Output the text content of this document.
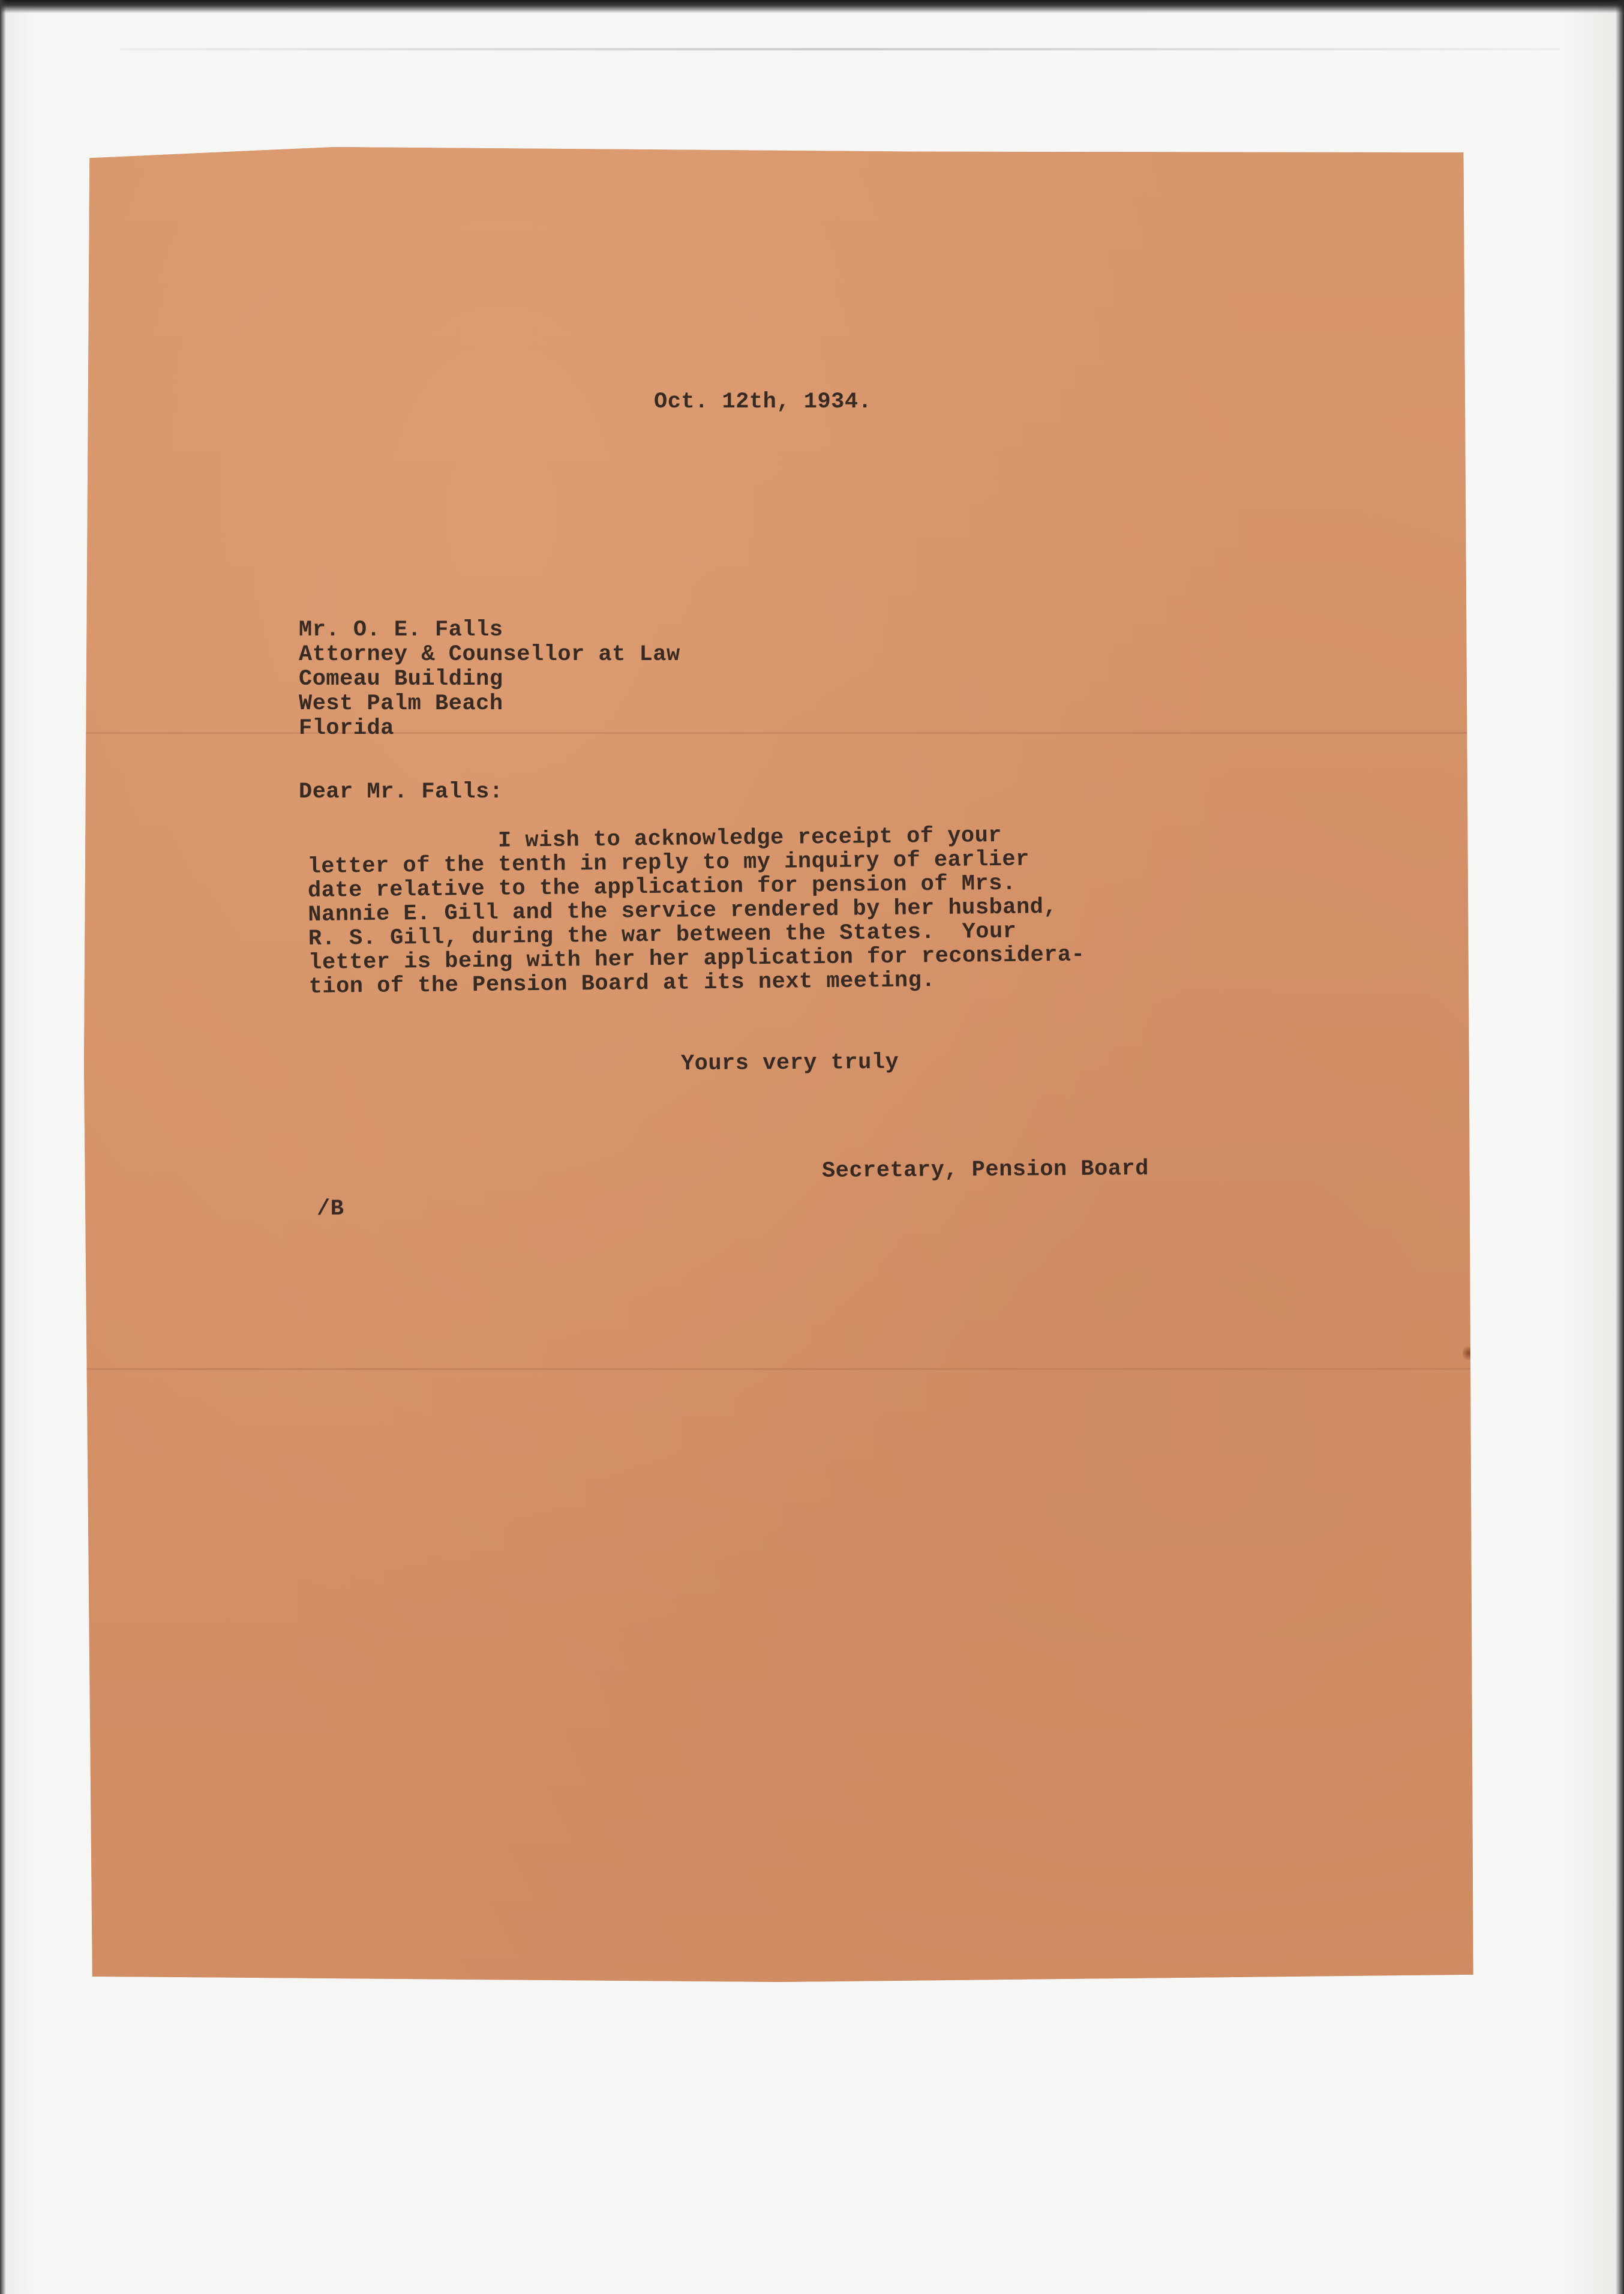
Oct. 12th, 1934.
Mr. O. E. Falls
Attorney & Counsellor at Law
Comeau Building
West Palm Beach
Florida
Dear Mr. Falls:
I wish to acknowledge receipt of your
letter of the tenth in reply to my inquiry of earlier
date relative to the application for pension of Mrs.
Nannie E. Gill and the service rendered by her husband,
R. S. Gill, during the war between the States.  Your
letter is being with her her application for reconsidera-
tion of the Pension Board at its next meeting.
Yours very truly
Secretary, Pension Board
/B
